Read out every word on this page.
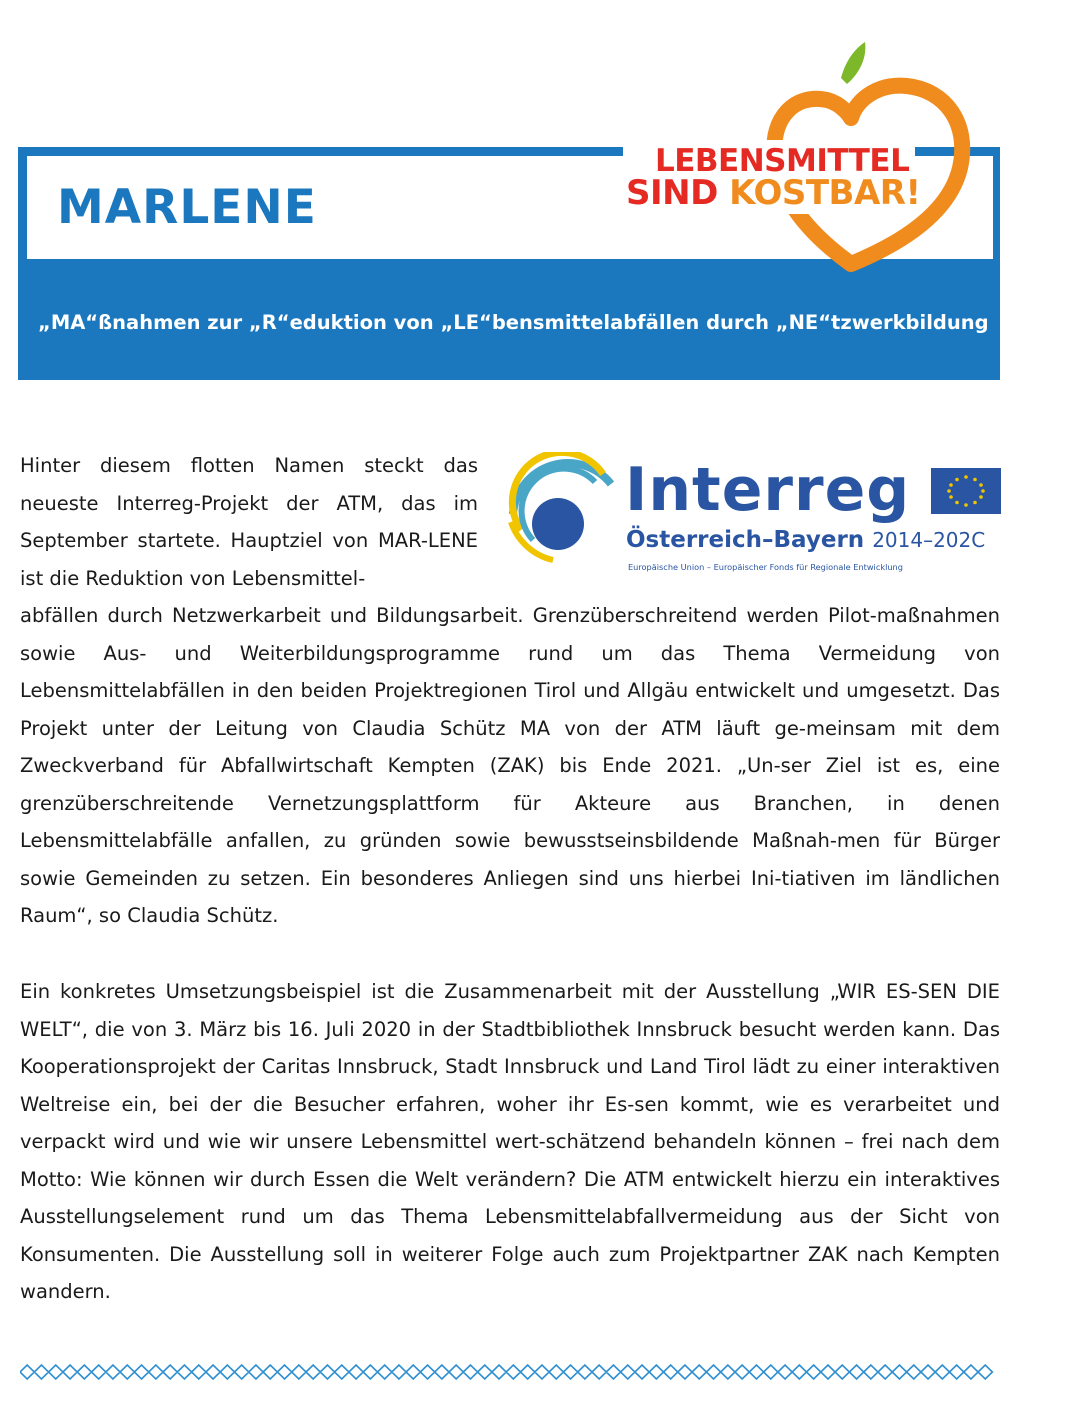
MARLENE
„MA“ßnahmen zur „R“eduktion von „LE“bensmittelabfällen durch „NE“tzwerkbildung
LEBENSMITTEL
SIND KOSTBAR!
Interreg
Österreich–Bayern 2014–202C
Europäische Union – Europäischer Fonds für Regionale Entwicklung

Hinter diesem flotten Namen steckt das neueste Interreg-Projekt der ATM, das im September startete. Hauptziel von MAR-LENE ist die Reduktion von Lebensmittel-

abfällen durch Netzwerkarbeit und Bildungsarbeit. Grenzüberschreitend werden Pilot-maßnahmen sowie Aus- und Weiterbildungsprogramme rund um das Thema Vermeidung von Lebensmittelabfällen in den beiden Projektregionen Tirol und Allgäu entwickelt und umgesetzt. Das Projekt unter der Leitung von Claudia Schütz MA von der ATM läuft ge-meinsam mit dem Zweckverband für Abfallwirtschaft Kempten (ZAK) bis Ende 2021. „Un-ser Ziel ist es, eine grenzüberschreitende Vernetzungsplattform für Akteure aus Branchen, in denen Lebensmittelabfälle anfallen, zu gründen sowie bewusstseinsbildende Maßnah-men für Bürger sowie Gemeinden zu setzen. Ein besonderes Anliegen sind uns hierbei Ini-tiativen im ländlichen Raum“, so Claudia Schütz.

Ein konkretes Umsetzungsbeispiel ist die Zusammenarbeit mit der Ausstellung „WIR ES-SEN DIE WELT“, die von 3. März bis 16. Juli 2020 in der Stadtbibliothek Innsbruck besucht werden kann. Das Kooperationsprojekt der Caritas Innsbruck, Stadt Innsbruck und Land Tirol lädt zu einer interaktiven Weltreise ein, bei der die Besucher erfahren, woher ihr Es-sen kommt, wie es verarbeitet und verpackt wird und wie wir unsere Lebensmittel wert-schätzend behandeln können – frei nach dem Motto: Wie können wir durch Essen die Welt verändern? Die ATM entwickelt hierzu ein interaktives Ausstellungselement rund um das Thema Lebensmittelabfallvermeidung aus der Sicht von Konsumenten. Die Ausstellung soll in weiterer Folge auch zum Projektpartner ZAK nach Kempten wandern.
